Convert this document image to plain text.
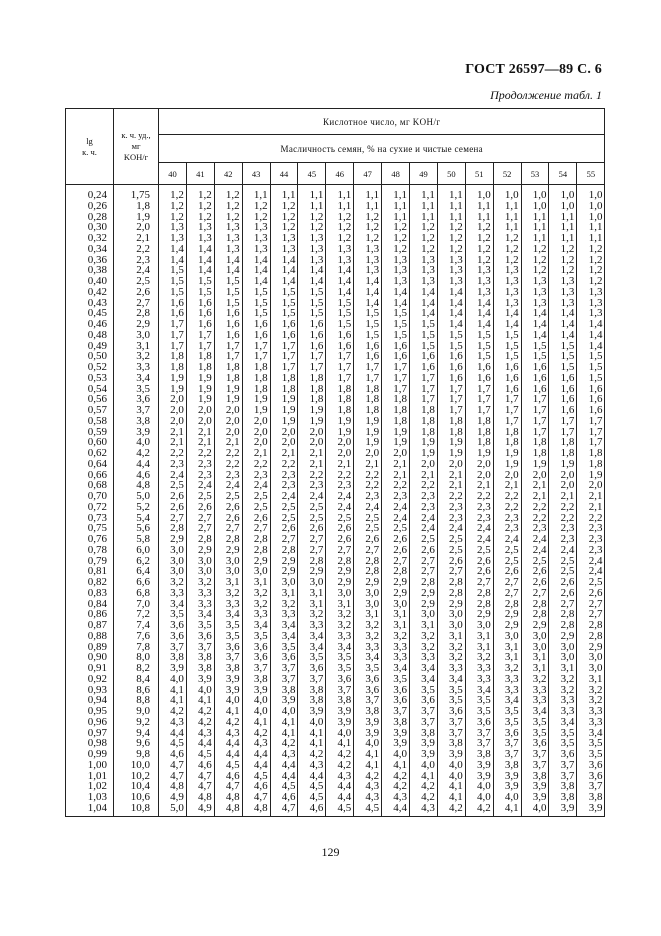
ГОСТ 26597—89 С. 6
Продолжение табл. 1
lg
к. ч.	к. ч. уд.,
мг
KOH/г	Кислотное число, мг KOH/г															
		Масличность семян, % на сухие и чистые семена															
		40	41	42	43	44	45	46	47	48	49	50	51	52	53	54	55
0,24	1,75	1,2	1,2	1,2	1,1	1,1	1,1	1,1	1,1	1,1	1,1	1,1	1,0	1,0	1,0	1,0	1,0
0,26	1,8	1,2	1,2	1,2	1,2	1,2	1,1	1,1	1,1	1,1	1,1	1,1	1,1	1,1	1,0	1,0	1,0
0,28	1,9	1,2	1,2	1,2	1,2	1,2	1,2	1,2	1,2	1,1	1,1	1,1	1,1	1,1	1,1	1,1	1,0
0,30	2,0	1,3	1,3	1,3	1,3	1,2	1,2	1,2	1,2	1,2	1,2	1,2	1,2	1,1	1,1	1,1	1,1
0,32	2,1	1,3	1,3	1,3	1,3	1,3	1,3	1,2	1,2	1,2	1,2	1,2	1,2	1,2	1,1	1,1	1,1
0,34	2,2	1,4	1,4	1,3	1,3	1,3	1,3	1,3	1,3	1,2	1,2	1,2	1,2	1,2	1,2	1,2	1,2
0,36	2,3	1,4	1,4	1,4	1,4	1,4	1,3	1,3	1,3	1,3	1,3	1,3	1,2	1,2	1,2	1,2	1,2
0,38	2,4	1,5	1,4	1,4	1,4	1,4	1,4	1,4	1,3	1,3	1,3	1,3	1,3	1,3	1,2	1,2	1,2
0,40	2,5	1,5	1,5	1,5	1,4	1,4	1,4	1,4	1,4	1,3	1,3	1,3	1,3	1,3	1,3	1,3	1,2
0,42	2,6	1,5	1,5	1,5	1,5	1,5	1,5	1,4	1,4	1,4	1,4	1,4	1,3	1,3	1,3	1,3	1,3
0,43	2,7	1,6	1,6	1,5	1,5	1,5	1,5	1,5	1,4	1,4	1,4	1,4	1,4	1,3	1,3	1,3	1,3
0,45	2,8	1,6	1,6	1,6	1,5	1,5	1,5	1,5	1,5	1,5	1,4	1,4	1,4	1,4	1,4	1,4	1,3
0,46	2,9	1,7	1,6	1,6	1,6	1,6	1,6	1,5	1,5	1,5	1,5	1,4	1,4	1,4	1,4	1,4	1,4
0,48	3,0	1,7	1,7	1,6	1,6	1,6	1,6	1,6	1,5	1,5	1,5	1,5	1,5	1,5	1,4	1,4	1,4
0,49	3,1	1,7	1,7	1,7	1,7	1,7	1,6	1,6	1,6	1,6	1,5	1,5	1,5	1,5	1,5	1,5	1,4
0,50	3,2	1,8	1,8	1,7	1,7	1,7	1,7	1,7	1,6	1,6	1,6	1,6	1,5	1,5	1,5	1,5	1,5
0,52	3,3	1,8	1,8	1,8	1,8	1,7	1,7	1,7	1,7	1,7	1,6	1,6	1,6	1,6	1,6	1,5	1,5
0,53	3,4	1,9	1,9	1,8	1,8	1,8	1,8	1,7	1,7	1,7	1,7	1,6	1,6	1,6	1,6	1,6	1,5
0,54	3,5	1,9	1,9	1,9	1,8	1,8	1,8	1,8	1,8	1,7	1,7	1,7	1,7	1,6	1,6	1,6	1,6
0,56	3,6	2,0	1,9	1,9	1,9	1,9	1,8	1,8	1,8	1,8	1,7	1,7	1,7	1,7	1,7	1,6	1,6
0,57	3,7	2,0	2,0	2,0	1,9	1,9	1,9	1,8	1,8	1,8	1,8	1,7	1,7	1,7	1,7	1,6	1,6
0,58	3,8	2,0	2,0	2,0	2,0	1,9	1,9	1,9	1,9	1,8	1,8	1,8	1,8	1,7	1,7	1,7	1,7
0,59	3,9	2,1	2,1	2,0	2,0	2,0	2,0	1,9	1,9	1,9	1,8	1,8	1,8	1,8	1,7	1,7	1,7
0,60	4,0	2,1	2,1	2,1	2,0	2,0	2,0	2,0	1,9	1,9	1,9	1,9	1,8	1,8	1,8	1,8	1,7
0,62	4,2	2,2	2,2	2,2	2,1	2,1	2,1	2,0	2,0	2,0	1,9	1,9	1,9	1,9	1,8	1,8	1,8
0,64	4,4	2,3	2,3	2,2	2,2	2,2	2,1	2,1	2,1	2,1	2,0	2,0	2,0	1,9	1,9	1,9	1,8
0,66	4,6	2,4	2,3	2,3	2,3	2,3	2,2	2,2	2,2	2,1	2,1	2,1	2,0	2,0	2,0	2,0	1,9
0,68	4,8	2,5	2,4	2,4	2,4	2,3	2,3	2,3	2,2	2,2	2,2	2,1	2,1	2,1	2,1	2,0	2,0
0,70	5,0	2,6	2,5	2,5	2,5	2,4	2,4	2,4	2,3	2,3	2,3	2,2	2,2	2,2	2,1	2,1	2,1
0,72	5,2	2,6	2,6	2,6	2,5	2,5	2,5	2,4	2,4	2,4	2,3	2,3	2,3	2,2	2,2	2,2	2,1
0,73	5,4	2,7	2,7	2,6	2,6	2,5	2,5	2,5	2,5	2,4	2,4	2,3	2,3	2,3	2,2	2,2	2,2
0,75	5,6	2,8	2,7	2,7	2,7	2,6	2,6	2,6	2,5	2,5	2,4	2,4	2,4	2,3	2,3	2,3	2,3
0,76	5,8	2,9	2,8	2,8	2,8	2,7	2,7	2,6	2,6	2,6	2,5	2,5	2,4	2,4	2,4	2,3	2,3
0,78	6,0	3,0	2,9	2,9	2,8	2,8	2,7	2,7	2,7	2,6	2,6	2,5	2,5	2,5	2,4	2,4	2,3
0,79	6,2	3,0	3,0	3,0	2,9	2,9	2,8	2,8	2,8	2,7	2,7	2,6	2,6	2,5	2,5	2,5	2,4
0,81	6,4	3,0	3,0	3,0	3,0	2,9	2,9	2,9	2,8	2,8	2,7	2,7	2,6	2,6	2,6	2,5	2,4
0,82	6,6	3,2	3,2	3,1	3,1	3,0	3,0	2,9	2,9	2,9	2,8	2,8	2,7	2,7	2,6	2,6	2,5
0,83	6,8	3,3	3,3	3,2	3,2	3,1	3,1	3,0	3,0	2,9	2,9	2,8	2,8	2,7	2,7	2,6	2,6
0,84	7,0	3,4	3,3	3,3	3,2	3,2	3,1	3,1	3,0	3,0	2,9	2,9	2,8	2,8	2,8	2,7	2,7
0,86	7,2	3,5	3,4	3,4	3,3	3,3	3,2	3,2	3,1	3,1	3,0	3,0	2,9	2,9	2,8	2,8	2,7
0,87	7,4	3,6	3,5	3,5	3,4	3,4	3,3	3,2	3,2	3,1	3,1	3,0	3,0	2,9	2,9	2,8	2,8
0,88	7,6	3,6	3,6	3,5	3,5	3,4	3,4	3,3	3,2	3,2	3,2	3,1	3,1	3,0	3,0	2,9	2,8
0,89	7,8	3,7	3,7	3,6	3,6	3,5	3,4	3,4	3,3	3,3	3,2	3,2	3,1	3,1	3,0	3,0	2,9
0,90	8,0	3,8	3,8	3,7	3,6	3,6	3,5	3,5	3,4	3,3	3,3	3,2	3,2	3,1	3,1	3,0	3,0
0,91	8,2	3,9	3,8	3,8	3,7	3,7	3,6	3,5	3,5	3,4	3,4	3,3	3,3	3,2	3,1	3,1	3,0
0,92	8,4	4,0	3,9	3,9	3,8	3,7	3,7	3,6	3,6	3,5	3,4	3,4	3,3	3,3	3,2	3,2	3,1
0,93	8,6	4,1	4,0	3,9	3,9	3,8	3,8	3,7	3,6	3,6	3,5	3,5	3,4	3,3	3,3	3,2	3,2
0,94	8,8	4,1	4,1	4,0	4,0	3,9	3,8	3,8	3,7	3,6	3,6	3,5	3,5	3,4	3,3	3,3	3,2
0,95	9,0	4,2	4,2	4,1	4,0	4,0	3,9	3,9	3,8	3,7	3,7	3,6	3,5	3,5	3,4	3,3	3,3
0,96	9,2	4,3	4,2	4,2	4,1	4,1	4,0	3,9	3,9	3,8	3,7	3,7	3,6	3,5	3,5	3,4	3,3
0,97	9,4	4,4	4,3	4,3	4,2	4,1	4,1	4,0	3,9	3,9	3,8	3,7	3,7	3,6	3,5	3,5	3,4
0,98	9,6	4,5	4,4	4,4	4,3	4,2	4,1	4,1	4,0	3,9	3,9	3,8	3,7	3,7	3,6	3,5	3,5
0,99	9,8	4,6	4,5	4,4	4,4	4,3	4,2	4,2	4,1	4,0	3,9	3,9	3,8	3,7	3,7	3,6	3,5
1,00	10,0	4,7	4,6	4,5	4,4	4,4	4,3	4,2	4,1	4,1	4,0	4,0	3,9	3,8	3,7	3,7	3,6
1,01	10,2	4,7	4,7	4,6	4,5	4,4	4,4	4,3	4,2	4,2	4,1	4,0	3,9	3,9	3,8	3,7	3,6
1,02	10,4	4,8	4,7	4,7	4,6	4,5	4,5	4,4	4,3	4,2	4,2	4,1	4,0	3,9	3,9	3,8	3,7
1,03	10,6	4,9	4,8	4,8	4,7	4,6	4,5	4,4	4,3	4,3	4,2	4,1	4,0	4,0	3,9	3,8	3,8
1,04	10,8	5,0	4,9	4,8	4,8	4,7	4,6	4,5	4,5	4,4	4,3	4,2	4,2	4,1	4,0	3,9	3,9
129
